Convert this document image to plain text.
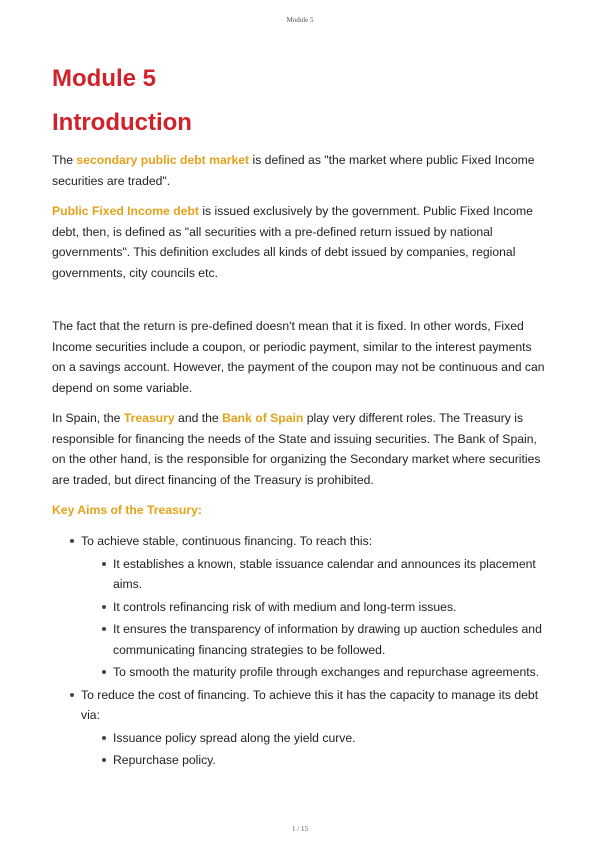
Module 5
Module 5
Introduction

The secondary public debt market is defined as "the market where public Fixed Income securities are traded".

Public Fixed Income debt is issued exclusively by the government. Public Fixed Income debt, then, is defined as "all securities with a pre-defined return issued by national governments". This definition excludes all kinds of debt issued by companies, regional governments, city councils etc.

The fact that the return is pre-defined doesn't mean that it is fixed. In other words, Fixed Income securities include a coupon, or periodic payment, similar to the interest payments on a savings account. However, the payment of the coupon may not be continuous and can depend on some variable.

In Spain, the Treasury and the Bank of Spain play very different roles. The Treasury is responsible for financing the needs of the State and issuing securities. The Bank of Spain, on the other hand, is the responsible for organizing the Secondary market where securities are traded, but direct financing of the Treasury is prohibited.

Key Aims of the Treasury:
To achieve stable, continuous financing. To reach this:
It establishes a known, stable issuance calendar and announces its placement aims.
It controls refinancing risk of with medium and long-term issues.
It ensures the transparency of information by drawing up auction schedules and communicating financing strategies to be followed.
To smooth the maturity profile through exchanges and repurchase agreements.
To reduce the cost of financing. To achieve this it has the capacity to manage its debt via:
Issuance policy spread along the yield curve.
Repurchase policy.
1 / 15
